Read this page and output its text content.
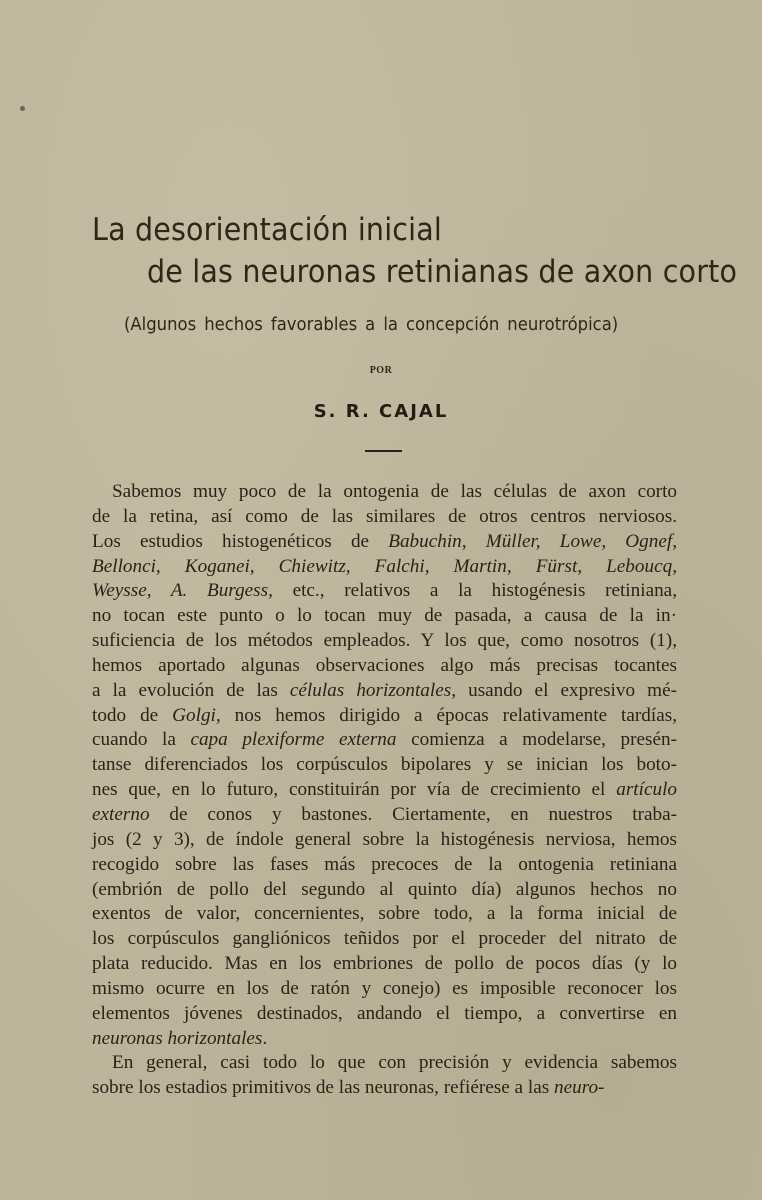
La desorientación inicial
de las neuronas retinianas de axon corto
(Algunos hechos favorables a la concepción neurotrópica)
POR
S. R. CAJAL
Sabemos muy poco de la ontogenia de las células de axon corto
de la retina, así como de las similares de otros centros nerviosos.
Los estudios histogenéticos de Babuchin, Müller, Lowe, Ognef,
Bellonci, Koganei, Chiewitz, Falchi, Martin, Fürst, Leboucq,
Weysse, A. Burgess, etc., relativos a la histogénesis retiniana,
no tocan este punto o lo tocan muy de pasada, a causa de la in·
suficiencia de los métodos empleados. Y los que, como nosotros (1),
hemos aportado algunas observaciones algo más precisas tocantes
a la evolución de las células horizontales, usando el expresivo mé-
todo de Golgi, nos hemos dirigido a épocas relativamente tardías,
cuando la capa plexiforme externa comienza a modelarse, presén-
tanse diferenciados los corpúsculos bipolares y se inician los boto-
nes que, en lo futuro, constituirán por vía de crecimiento el artículo
externo de conos y bastones. Ciertamente, en nuestros traba-
jos (2 y 3), de índole general sobre la histogénesis nerviosa, hemos
recogido sobre las fases más precoces de la ontogenia retiniana
(embrión de pollo del segundo al quinto día) algunos hechos no
exentos de valor, concernientes, sobre todo, a la forma inicial de
los corpúsculos gangliónicos teñidos por el proceder del nitrato de
plata reducido. Mas en los embriones de pollo de pocos días (y lo
mismo ocurre en los de ratón y conejo) es imposible reconocer los
elementos jóvenes destinados, andando el tiempo, a convertirse en
neuronas horizontales.
En general, casi todo lo que con precisión y evidencia sabemos
sobre los estadios primitivos de las neuronas, refiérese a las neuro-
